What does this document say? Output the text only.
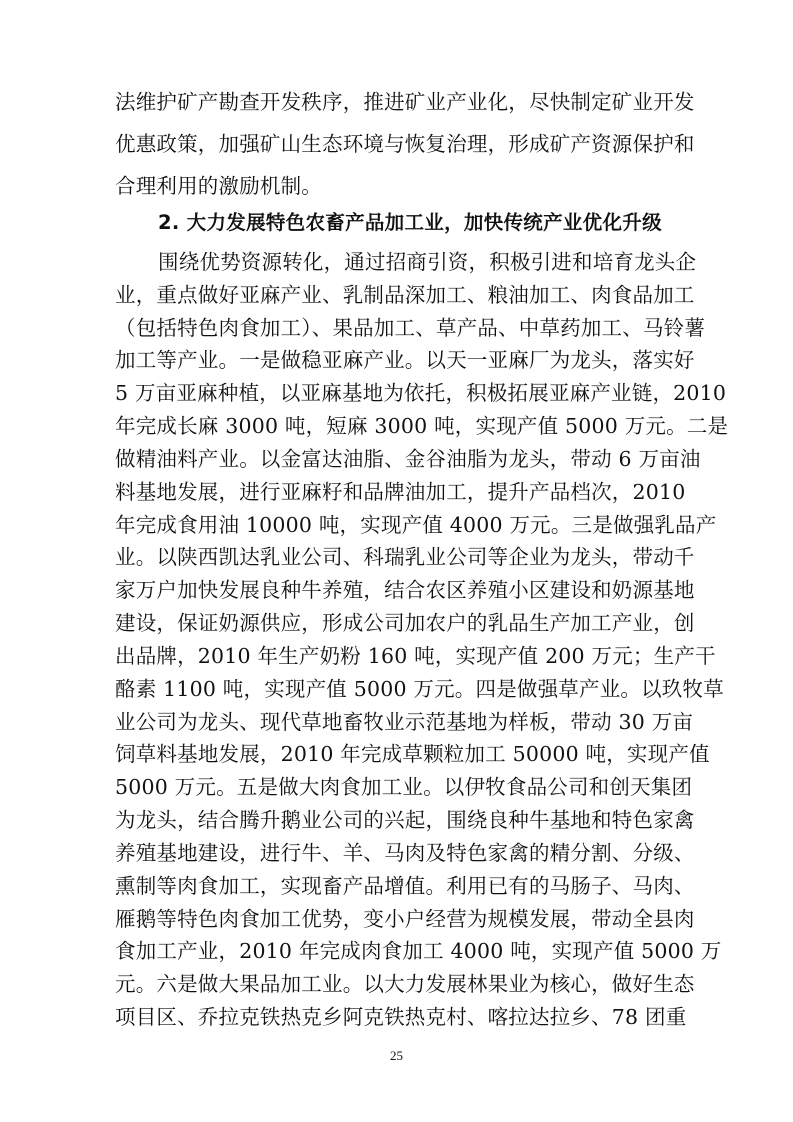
法维护矿产勘查开发秩序，推进矿业产业化，尽快制定矿业开发
优惠政策，加强矿山生态环境与恢复治理，形成矿产资源保护和
合理利用的激励机制。
2. 大力发展特色农畜产品加工业，加快传统产业优化升级
围绕优势资源转化，通过招商引资，积极引进和培育龙头企
业，重点做好亚麻产业、乳制品深加工、粮油加工、肉食品加工
（包括特色肉食加工）、果品加工、草产品、中草药加工、马铃薯
加工等产业。一是做稳亚麻产业。以天一亚麻厂为龙头，落实好
5 万亩亚麻种植，以亚麻基地为依托，积极拓展亚麻产业链，2010
年完成长麻 3000 吨，短麻 3000 吨，实现产值 5000 万元。二是
做精油料产业。以金富达油脂、金谷油脂为龙头，带动 6 万亩油
料基地发展，进行亚麻籽和品牌油加工，提升产品档次，2010
年完成食用油 10000 吨，实现产值 4000 万元。三是做强乳品产
业。以陕西凯达乳业公司、科瑞乳业公司等企业为龙头，带动千
家万户加快发展良种牛养殖，结合农区养殖小区建设和奶源基地
建设，保证奶源供应，形成公司加农户的乳品生产加工产业，创
出品牌，2010 年生产奶粉 160 吨，实现产值 200 万元；生产干
酪素 1100 吨，实现产值 5000 万元。四是做强草产业。以玖牧草
业公司为龙头、现代草地畜牧业示范基地为样板，带动 30 万亩
饲草料基地发展，2010 年完成草颗粒加工 50000 吨，实现产值
5000 万元。五是做大肉食加工业。以伊牧食品公司和创天集团
为龙头，结合腾升鹅业公司的兴起，围绕良种牛基地和特色家禽
养殖基地建设，进行牛、羊、马肉及特色家禽的精分割、分级、
熏制等肉食加工，实现畜产品增值。利用已有的马肠子、马肉、
雁鹅等特色肉食加工优势，变小户经营为规模发展，带动全县肉
食加工产业，2010 年完成肉食加工 4000 吨，实现产值 5000 万
元。六是做大果品加工业。以大力发展林果业为核心，做好生态
项目区、乔拉克铁热克乡阿克铁热克村、喀拉达拉乡、78 团重
25
